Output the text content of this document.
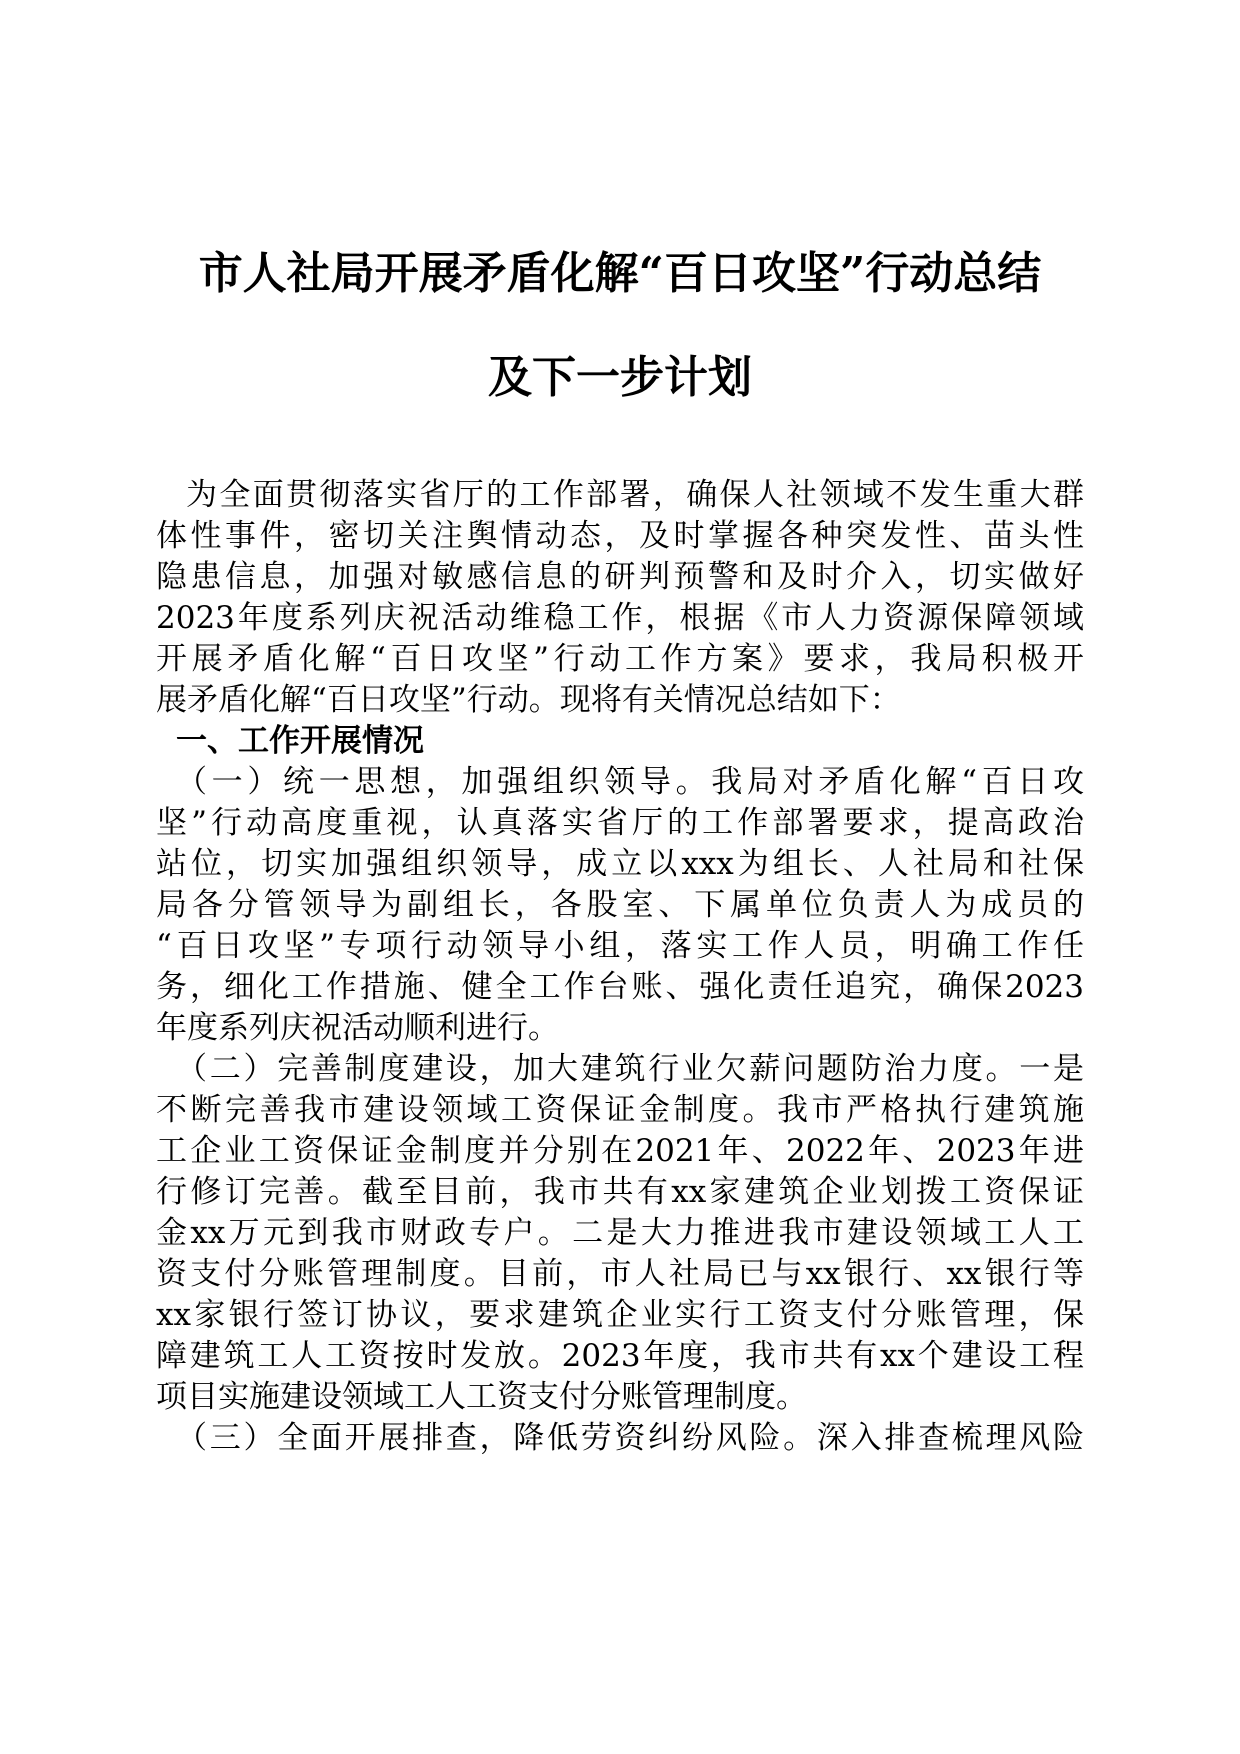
市人社局开展矛盾化解“百日攻坚”行动总结
及下一步计划
为全面贯彻落实省厅的工作部署，确保人社领域不发生重大群
体性事件，密切关注舆情动态，及时掌握各种突发性、苗头性
隐患信息，加强对敏感信息的研判预警和及时介入，切实做好
2023年度系列庆祝活动维稳工作，根据《市人力资源保障领域
开展矛盾化解“百日攻坚”行动工作方案》要求，我局积极开
展矛盾化解“百日攻坚”行动。现将有关情况总结如下：
一、工作开展情况
（一）统一思想，加强组织领导。我局对矛盾化解“百日攻
坚”行动高度重视，认真落实省厅的工作部署要求，提高政治
站位，切实加强组织领导，成立以xxx为组长、人社局和社保
局各分管领导为副组长，各股室、下属单位负责人为成员的
“百日攻坚”专项行动领导小组，落实工作人员，明确工作任
务，细化工作措施、健全工作台账、强化责任追究，确保2023
年度系列庆祝活动顺利进行。
（二）完善制度建设，加大建筑行业欠薪问题防治力度。一是
不断完善我市建设领域工资保证金制度。我市严格执行建筑施
工企业工资保证金制度并分别在2021年、2022年、2023年进
行修订完善。截至目前，我市共有xx家建筑企业划拨工资保证
金xx万元到我市财政专户。二是大力推进我市建设领域工人工
资支付分账管理制度。目前，市人社局已与xx银行、xx银行等
xx家银行签订协议，要求建筑企业实行工资支付分账管理，保
障建筑工人工资按时发放。2023年度，我市共有xx个建设工程
项目实施建设领域工人工资支付分账管理制度。
（三）全面开展排查，降低劳资纠纷风险。深入排查梳理风险
